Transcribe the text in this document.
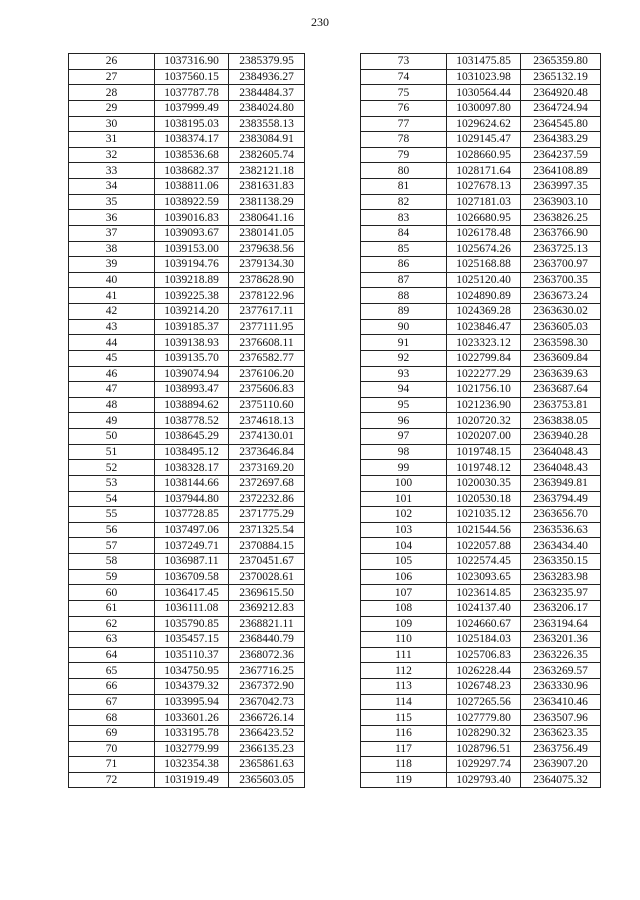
230
26	1037316.90	2385379.95
27	1037560.15	2384936.27
28	1037787.78	2384484.37
29	1037999.49	2384024.80
30	1038195.03	2383558.13
31	1038374.17	2383084.91
32	1038536.68	2382605.74
33	1038682.37	2382121.18
34	1038811.06	2381631.83
35	1038922.59	2381138.29
36	1039016.83	2380641.16
37	1039093.67	2380141.05
38	1039153.00	2379638.56
39	1039194.76	2379134.30
40	1039218.89	2378628.90
41	1039225.38	2378122.96
42	1039214.20	2377617.11
43	1039185.37	2377111.95
44	1039138.93	2376608.11
45	1039135.70	2376582.77
46	1039074.94	2376106.20
47	1038993.47	2375606.83
48	1038894.62	2375110.60
49	1038778.52	2374618.13
50	1038645.29	2374130.01
51	1038495.12	2373646.84
52	1038328.17	2373169.20
53	1038144.66	2372697.68
54	1037944.80	2372232.86
55	1037728.85	2371775.29
56	1037497.06	2371325.54
57	1037249.71	2370884.15
58	1036987.11	2370451.67
59	1036709.58	2370028.61
60	1036417.45	2369615.50
61	1036111.08	2369212.83
62	1035790.85	2368821.11
63	1035457.15	2368440.79
64	1035110.37	2368072.36
65	1034750.95	2367716.25
66	1034379.32	2367372.90
67	1033995.94	2367042.73
68	1033601.26	2366726.14
69	1033195.78	2366423.52
70	1032779.99	2366135.23
71	1032354.38	2365861.63
72	1031919.49	2365603.05
73	1031475.85	2365359.80
74	1031023.98	2365132.19
75	1030564.44	2364920.48
76	1030097.80	2364724.94
77	1029624.62	2364545.80
78	1029145.47	2364383.29
79	1028660.95	2364237.59
80	1028171.64	2364108.89
81	1027678.13	2363997.35
82	1027181.03	2363903.10
83	1026680.95	2363826.25
84	1026178.48	2363766.90
85	1025674.26	2363725.13
86	1025168.88	2363700.97
87	1025120.40	2363700.35
88	1024890.89	2363673.24
89	1024369.28	2363630.02
90	1023846.47	2363605.03
91	1023323.12	2363598.30
92	1022799.84	2363609.84
93	1022277.29	2363639.63
94	1021756.10	2363687.64
95	1021236.90	2363753.81
96	1020720.32	2363838.05
97	1020207.00	2363940.28
98	1019748.15	2364048.43
99	1019748.12	2364048.43
100	1020030.35	2363949.81
101	1020530.18	2363794.49
102	1021035.12	2363656.70
103	1021544.56	2363536.63
104	1022057.88	2363434.40
105	1022574.45	2363350.15
106	1023093.65	2363283.98
107	1023614.85	2363235.97
108	1024137.40	2363206.17
109	1024660.67	2363194.64
110	1025184.03	2363201.36
111	1025706.83	2363226.35
112	1026228.44	2363269.57
113	1026748.23	2363330.96
114	1027265.56	2363410.46
115	1027779.80	2363507.96
116	1028290.32	2363623.35
117	1028796.51	2363756.49
118	1029297.74	2363907.20
119	1029793.40	2364075.32
